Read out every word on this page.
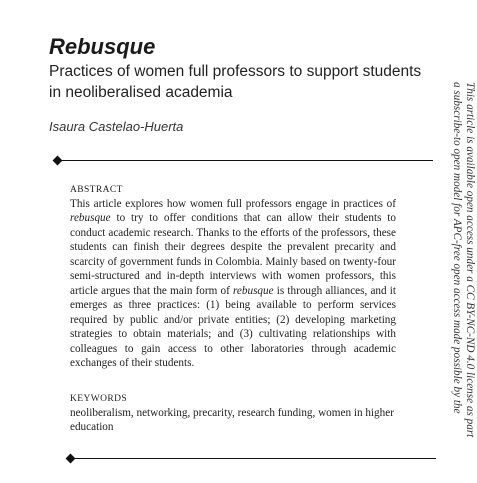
Rebusque

Practices of women full professors to support students in neoliberalised academia

Isaura Castelao-Huerta
ABSTRACT
This article explores how women full professors engage in practices of rebusque to try to offer conditions that can allow their students to conduct academic research. Thanks to the efforts of the professors, these students can finish their degrees despite the prevalent precarity and scarcity of government funds in Colombia. Mainly based on twenty-four semi-structured and in-depth interviews with women professors, this article argues that the main form of rebusque is through alliances, and it emerges as three practices: (1) being available to perform services required by public and/or private entities; (2) developing marketing strategies to obtain materials; and (3) cultivating relationships with colleagues to gain access to other laboratories through academic exchanges of their students.
KEYWORDS
neoliberalism, networking, precarity, research funding, women in higher education	This article is available open access under a CC BY-NC-ND 4.0 license as part
a subscribe-to open model for APC-free open access made possible by the
